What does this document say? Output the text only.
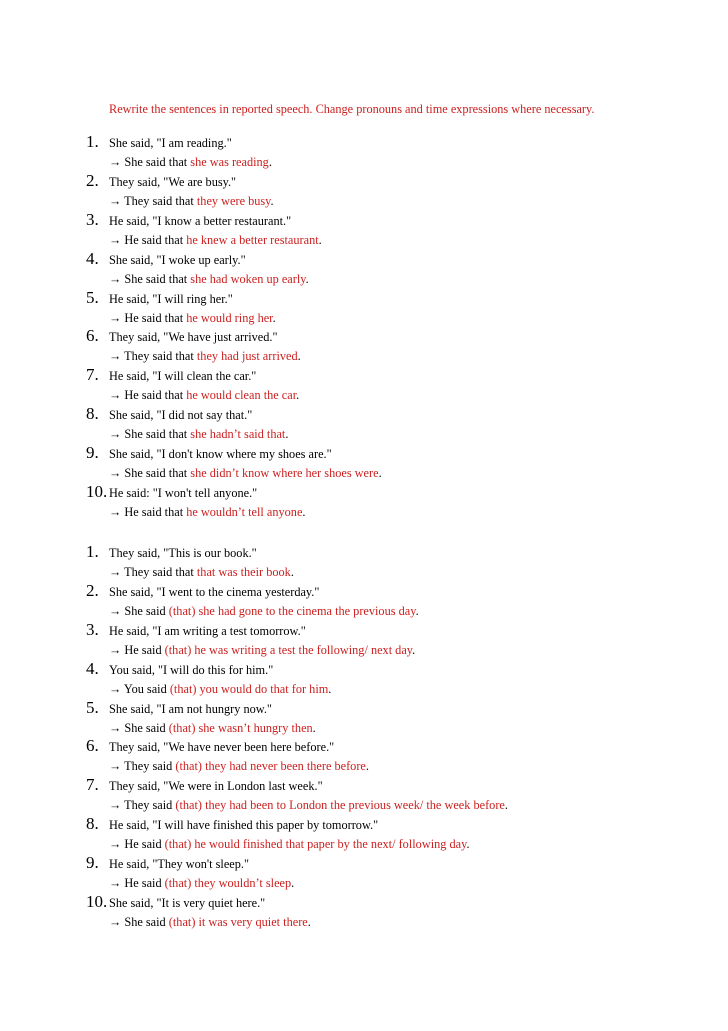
Rewrite the sentences in reported speech. Change pronouns and time expressions where necessary.
1. She said, "I am reading."
→ She said that she was reading.
2. They said, "We are busy."
→ They said that they were busy.
3. He said, "I know a better restaurant."
→ He said that he knew a better restaurant.
4. She said, "I woke up early."
→ She said that she had woken up early.
5. He said, "I will ring her."
→ He said that he would ring her.
6. They said, "We have just arrived."
→ They said that they had just arrived.
7. He said, "I will clean the car."
→ He said that he would clean the car.
8. She said, "I did not say that."
→ She said that she hadn’t said that.
9. She said, "I don't know where my shoes are."
→ She said that she didn’t know where her shoes were.
10. He said: "I won't tell anyone."
→ He said that he wouldn’t tell anyone.
1. They said, "This is our book."
→ They said that that was their book.
2. She said, "I went to the cinema yesterday."
→ She said (that) she had gone to the cinema the previous day.
3. He said, "I am writing a test tomorrow."
→ He said (that) he was writing a test the following/ next day.
4. You said, "I will do this for him."
→ You said (that) you would do that for him.
5. She said, "I am not hungry now."
→ She said (that) she wasn’t hungry then.
6. They said, "We have never been here before."
→ They said (that) they had never been there before.
7. They said, "We were in London last week."
→ They said (that) they had been to London the previous week/ the week before.
8. He said, "I will have finished this paper by tomorrow."
→ He said (that) he would finished that paper by the next/ following day.
9. He said, "They won't sleep."
→ He said (that) they wouldn’t sleep.
10. She said, "It is very quiet here."
→ She said (that) it was very quiet there.
